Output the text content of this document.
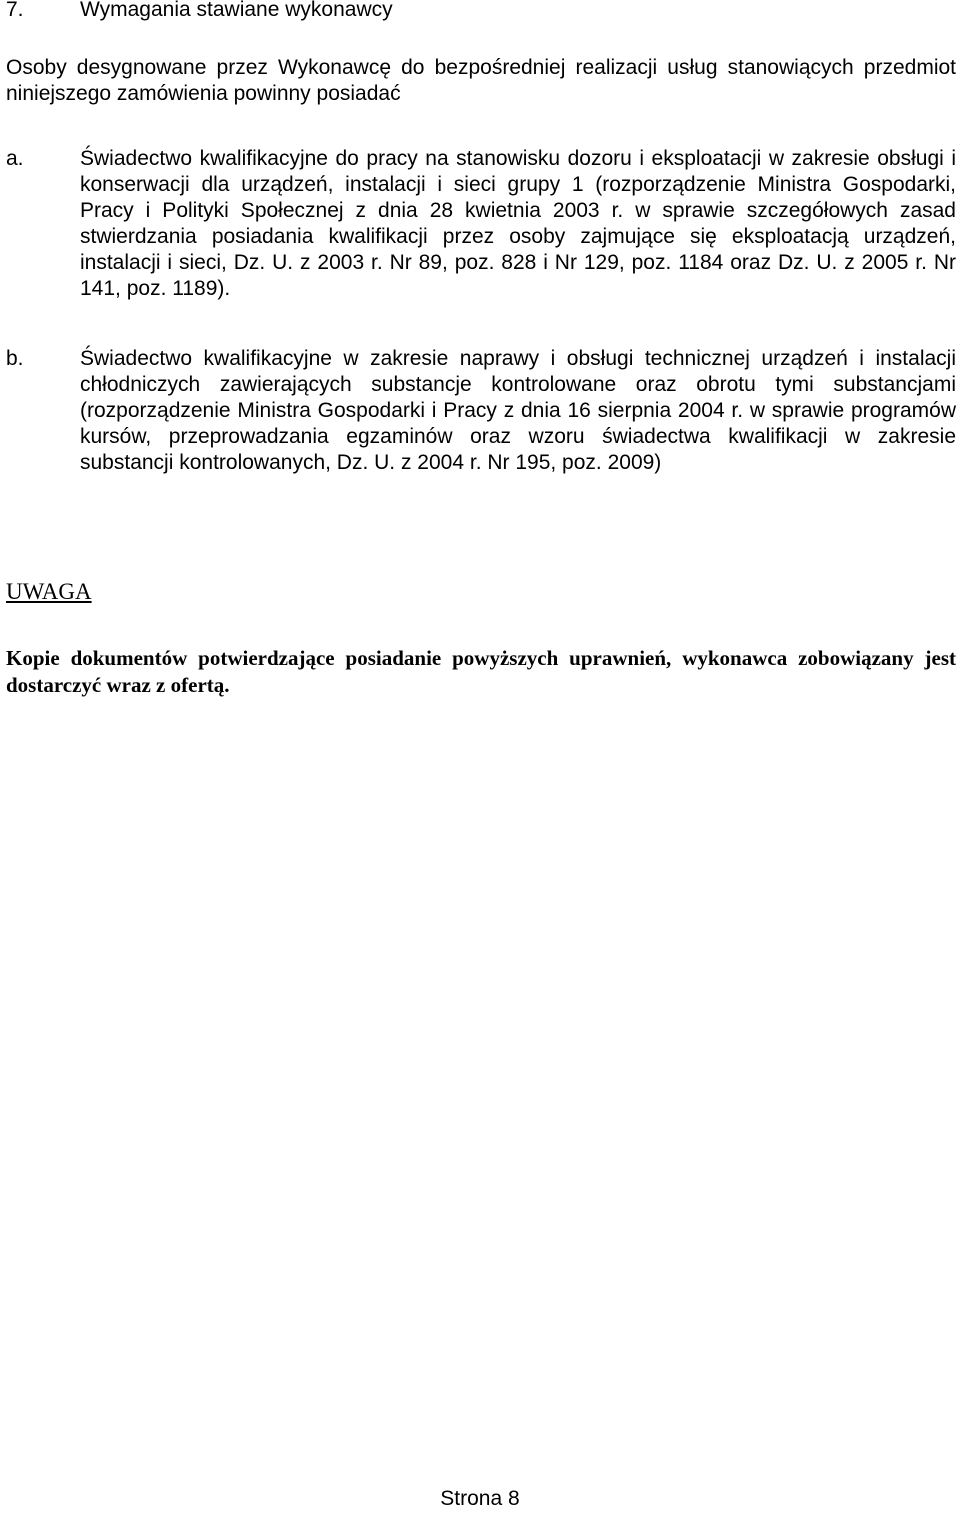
7.	Wymagania stawiane wykonawcy
Osoby desygnowane przez Wykonawcę do bezpośredniej realizacji usług stanowiących przedmiot niniejszego zamówienia powinny posiadać
a.	Świadectwo kwalifikacyjne do pracy na stanowisku dozoru i eksploatacji w zakresie obsługi i konserwacji dla urządzeń, instalacji i sieci grupy 1 (rozporządzenie Ministra Gospodarki, Pracy i Polityki Społecznej z dnia 28 kwietnia 2003 r. w sprawie szczegółowych zasad stwierdzania posiadania kwalifikacji przez osoby zajmujące się eksploatacją urządzeń, instalacji i sieci, Dz. U. z 2003 r. Nr 89, poz. 828 i Nr 129, poz. 1184 oraz Dz. U. z 2005 r. Nr 141, poz. 1189).
b.	Świadectwo kwalifikacyjne w zakresie naprawy i obsługi technicznej urządzeń i instalacji chłodniczych zawierających substancje kontrolowane oraz obrotu tymi substancjami (rozporządzenie Ministra Gospodarki i Pracy z dnia 16 sierpnia 2004 r. w sprawie programów kursów, przeprowadzania egzaminów oraz wzoru świadectwa kwalifikacji w zakresie substancji kontrolowanych, Dz. U. z 2004 r. Nr 195, poz. 2009)
UWAGA
Kopie dokumentów potwierdzające posiadanie powyższych uprawnień, wykonawca zobowiązany jest dostarczyć wraz z ofertą.
Strona 8
